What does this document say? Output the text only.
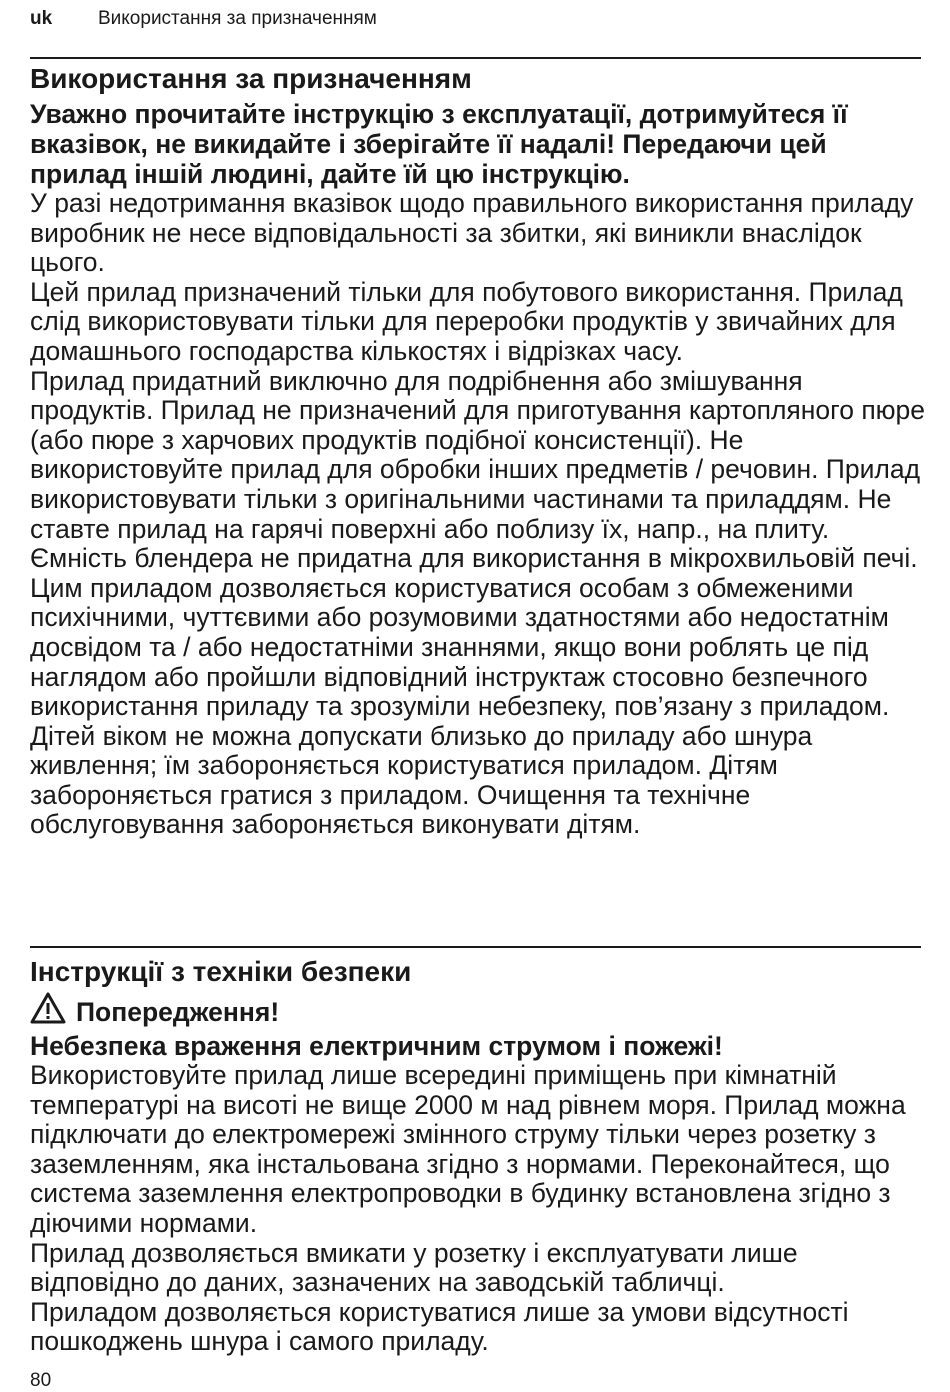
uk	Використання за призначенням
Використання за призначенням

Уважно прочитайте інструкцію з експлуатації, дотримуйтеся її вказівок, не викидайте і зберігайте її надалі! Передаючи цей прилад іншій людині, дайте їй цю інструкцію.

У разі недотримання вказівок щодо правильного використання приладу виробник не несе відповідальності за збитки, які виникли внаслідок цього.

Цей прилад призначений тільки для побутового використання. Прилад слід використовувати тільки для переробки продуктів у звичайних для домашнього господарства кількостях і відрізках часу.

Прилад придатний виключно для подрібнення або змішування продуктів. Прилад не призначений для приготування картопляного пюре (або пюре з харчових продуктів подібної консистенції). Не використовуйте прилад для обробки інших предметів / речовин. Прилад використовувати тільки з оригінальними частинами та приладдям. Не ставте прилад на гарячі поверхні або поблизу їх, напр., на плиту. Ємність блендера не придатна для використання в мікрохвильовій печі.

Цим приладом дозволяється користуватися особам з обмеженими психічними, чуттєвими або розумовими здатностями або недостатнім досвідом та / або недостатніми знаннями, якщо вони роблять це під наглядом або пройшли відповідний інструктаж стосовно безпечного використання приладу та зрозуміли небезпеку, пов’язану з приладом. Дітей віком не можна допускати близько до приладу або шнура живлення; їм забороняється користуватися приладом. Дітям забороняється гратися з приладом. Очищення та технічне обслуговування забороняється виконувати дітям.

Інструкції з техніки безпеки
Попередження!

Небезпека враження електричним струмом і пожежі!

Використовуйте прилад лише всередині приміщень при кімнатній температурі на висоті не вище 2000 м над рівнем моря. Прилад можна підключати до електромережі змінного струму тільки через розетку з заземленням, яка інстальована згідно з нормами. Переконайтеся, що система заземлення електропроводки в будинку встановлена згідно з діючими нормами.

Прилад дозволяється вмикати у розетку і експлуатувати лише відповідно до даних, зазначених на заводській табличці.

Приладом дозволяється користуватися лише за умови відсутності пошкоджень шнура і самого приладу.

80
